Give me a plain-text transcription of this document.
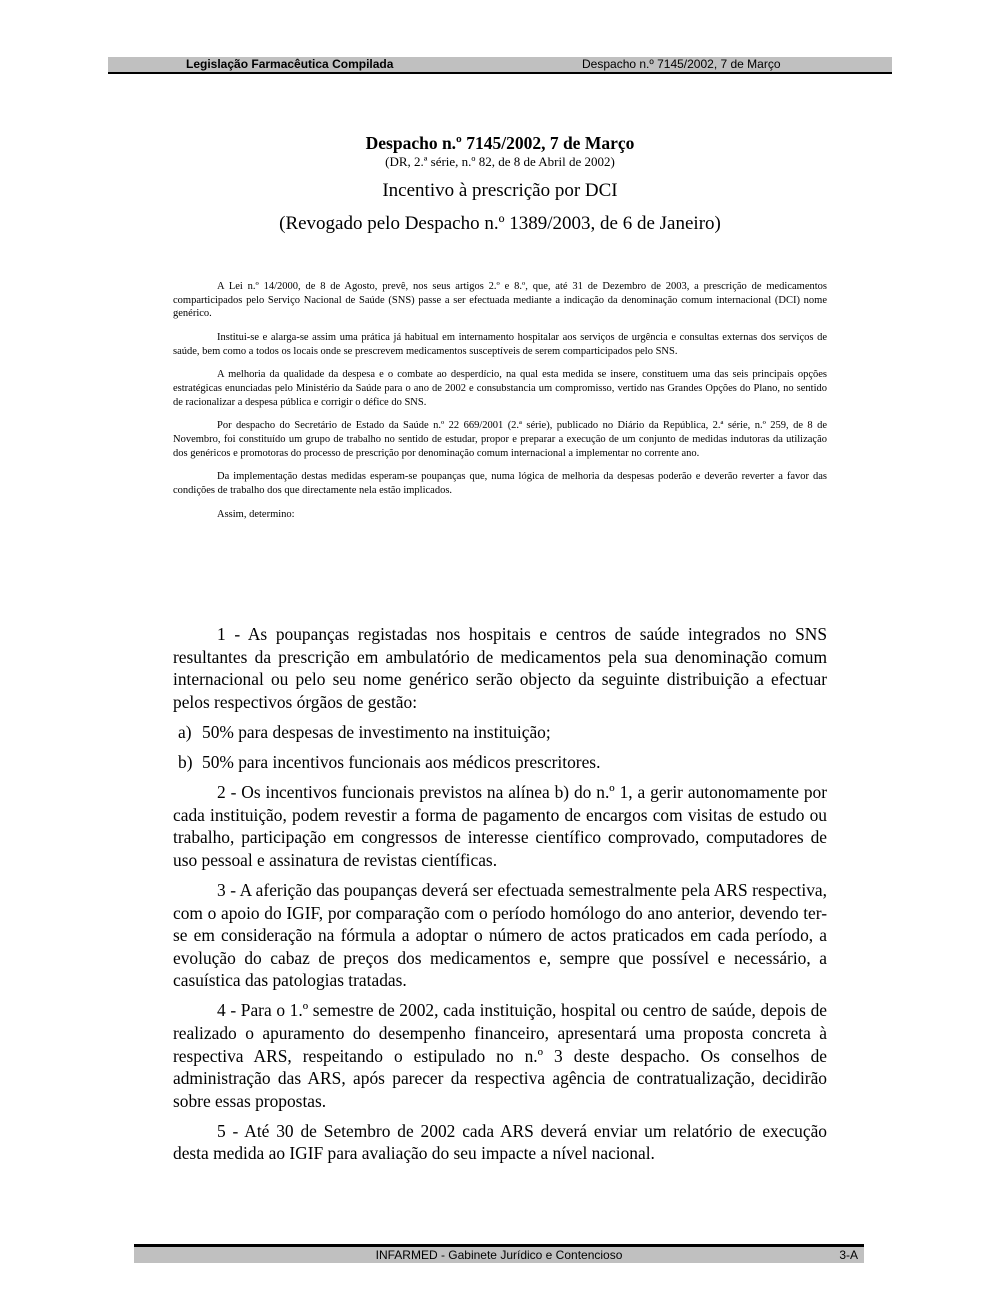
Legislação Farmacêutica Compilada	Despacho n.º 7145/2002, 7 de Março
Despacho n.º 7145/2002, 7 de Março
(DR, 2.ª série, n.º 82, de 8 de Abril de 2002)
Incentivo à prescrição por DCI
(Revogado pelo Despacho n.º 1389/2003, de 6 de Janeiro)

A Lei n.º 14/2000, de 8 de Agosto, prevê, nos seus artigos 2.º e 8.º, que, até 31 de Dezembro de 2003, a prescrição de medicamentos comparticipados pelo Serviço Nacional de Saúde (SNS) passe a ser efectuada mediante a indicação da denominação comum internacional (DCI) nome genérico.

Institui-se e alarga-se assim uma prática já habitual em internamento hospitalar aos serviços de urgência e consultas externas dos serviços de saúde, bem como a todos os locais onde se prescrevem medicamentos susceptíveis de serem comparticipados pelo SNS.

A melhoria da qualidade da despesa e o combate ao desperdício, na qual esta medida se insere, constituem uma das seis principais opções estratégicas enunciadas pelo Ministério da Saúde para o ano de 2002 e consubstancia um compromisso, vertido nas Grandes Opções do Plano, no sentido de racionalizar a despesa pública e corrigir o défice do SNS.

Por despacho do Secretário de Estado da Saúde n.º 22 669/2001 (2.ª série), publicado no Diário da República, 2.ª série, n.º 259, de 8 de Novembro, foi constituído um grupo de trabalho no sentido de estudar, propor e preparar a execução de um conjunto de medidas indutoras da utilização dos genéricos e promotoras do processo de prescrição por denominação comum internacional a implementar no corrente ano.

Da implementação destas medidas esperam-se poupanças que, numa lógica de melhoria da despesas poderão e deverão reverter a favor das condições de trabalho dos que directamente nela estão implicados.

Assim, determino:

1 - As poupanças registadas nos hospitais e centros de saúde integrados no SNS resultantes da prescrição em ambulatório de medicamentos pela sua denominação comum internacional ou pelo seu nome genérico serão objecto da seguinte distribuição a efectuar pelos respectivos órgãos de gestão:

a) 50% para despesas de investimento na instituição;

b) 50% para incentivos funcionais aos médicos prescritores.

2 - Os incentivos funcionais previstos na alínea b) do n.º 1, a gerir autonomamente por cada instituição, podem revestir a forma de pagamento de encargos com visitas de estudo ou trabalho, participação em congressos de interesse científico comprovado, computadores de uso pessoal e assinatura de revistas científicas.

3 - A aferição das poupanças deverá ser efectuada semestralmente pela ARS respectiva, com o apoio do IGIF, por comparação com o período homólogo do ano anterior, devendo ter-se em consideração na fórmula a adoptar o número de actos praticados em cada período, a evolução do cabaz de preços dos medicamentos e, sempre que possível e necessário, a casuística das patologias tratadas.

4 - Para o 1.º semestre de 2002, cada instituição, hospital ou centro de saúde, depois de realizado o apuramento do desempenho financeiro, apresentará uma proposta concreta à respectiva ARS, respeitando o estipulado no n.º 3 deste despacho. Os conselhos de administração das ARS, após parecer da respectiva agência de contratualização, decidirão sobre essas propostas.

5 - Até 30 de Setembro de 2002 cada ARS deverá enviar um relatório de execução desta medida ao IGIF para avaliação do seu impacte a nível nacional.

INFARMED - Gabinete Jurídico e Contencioso	3-A
